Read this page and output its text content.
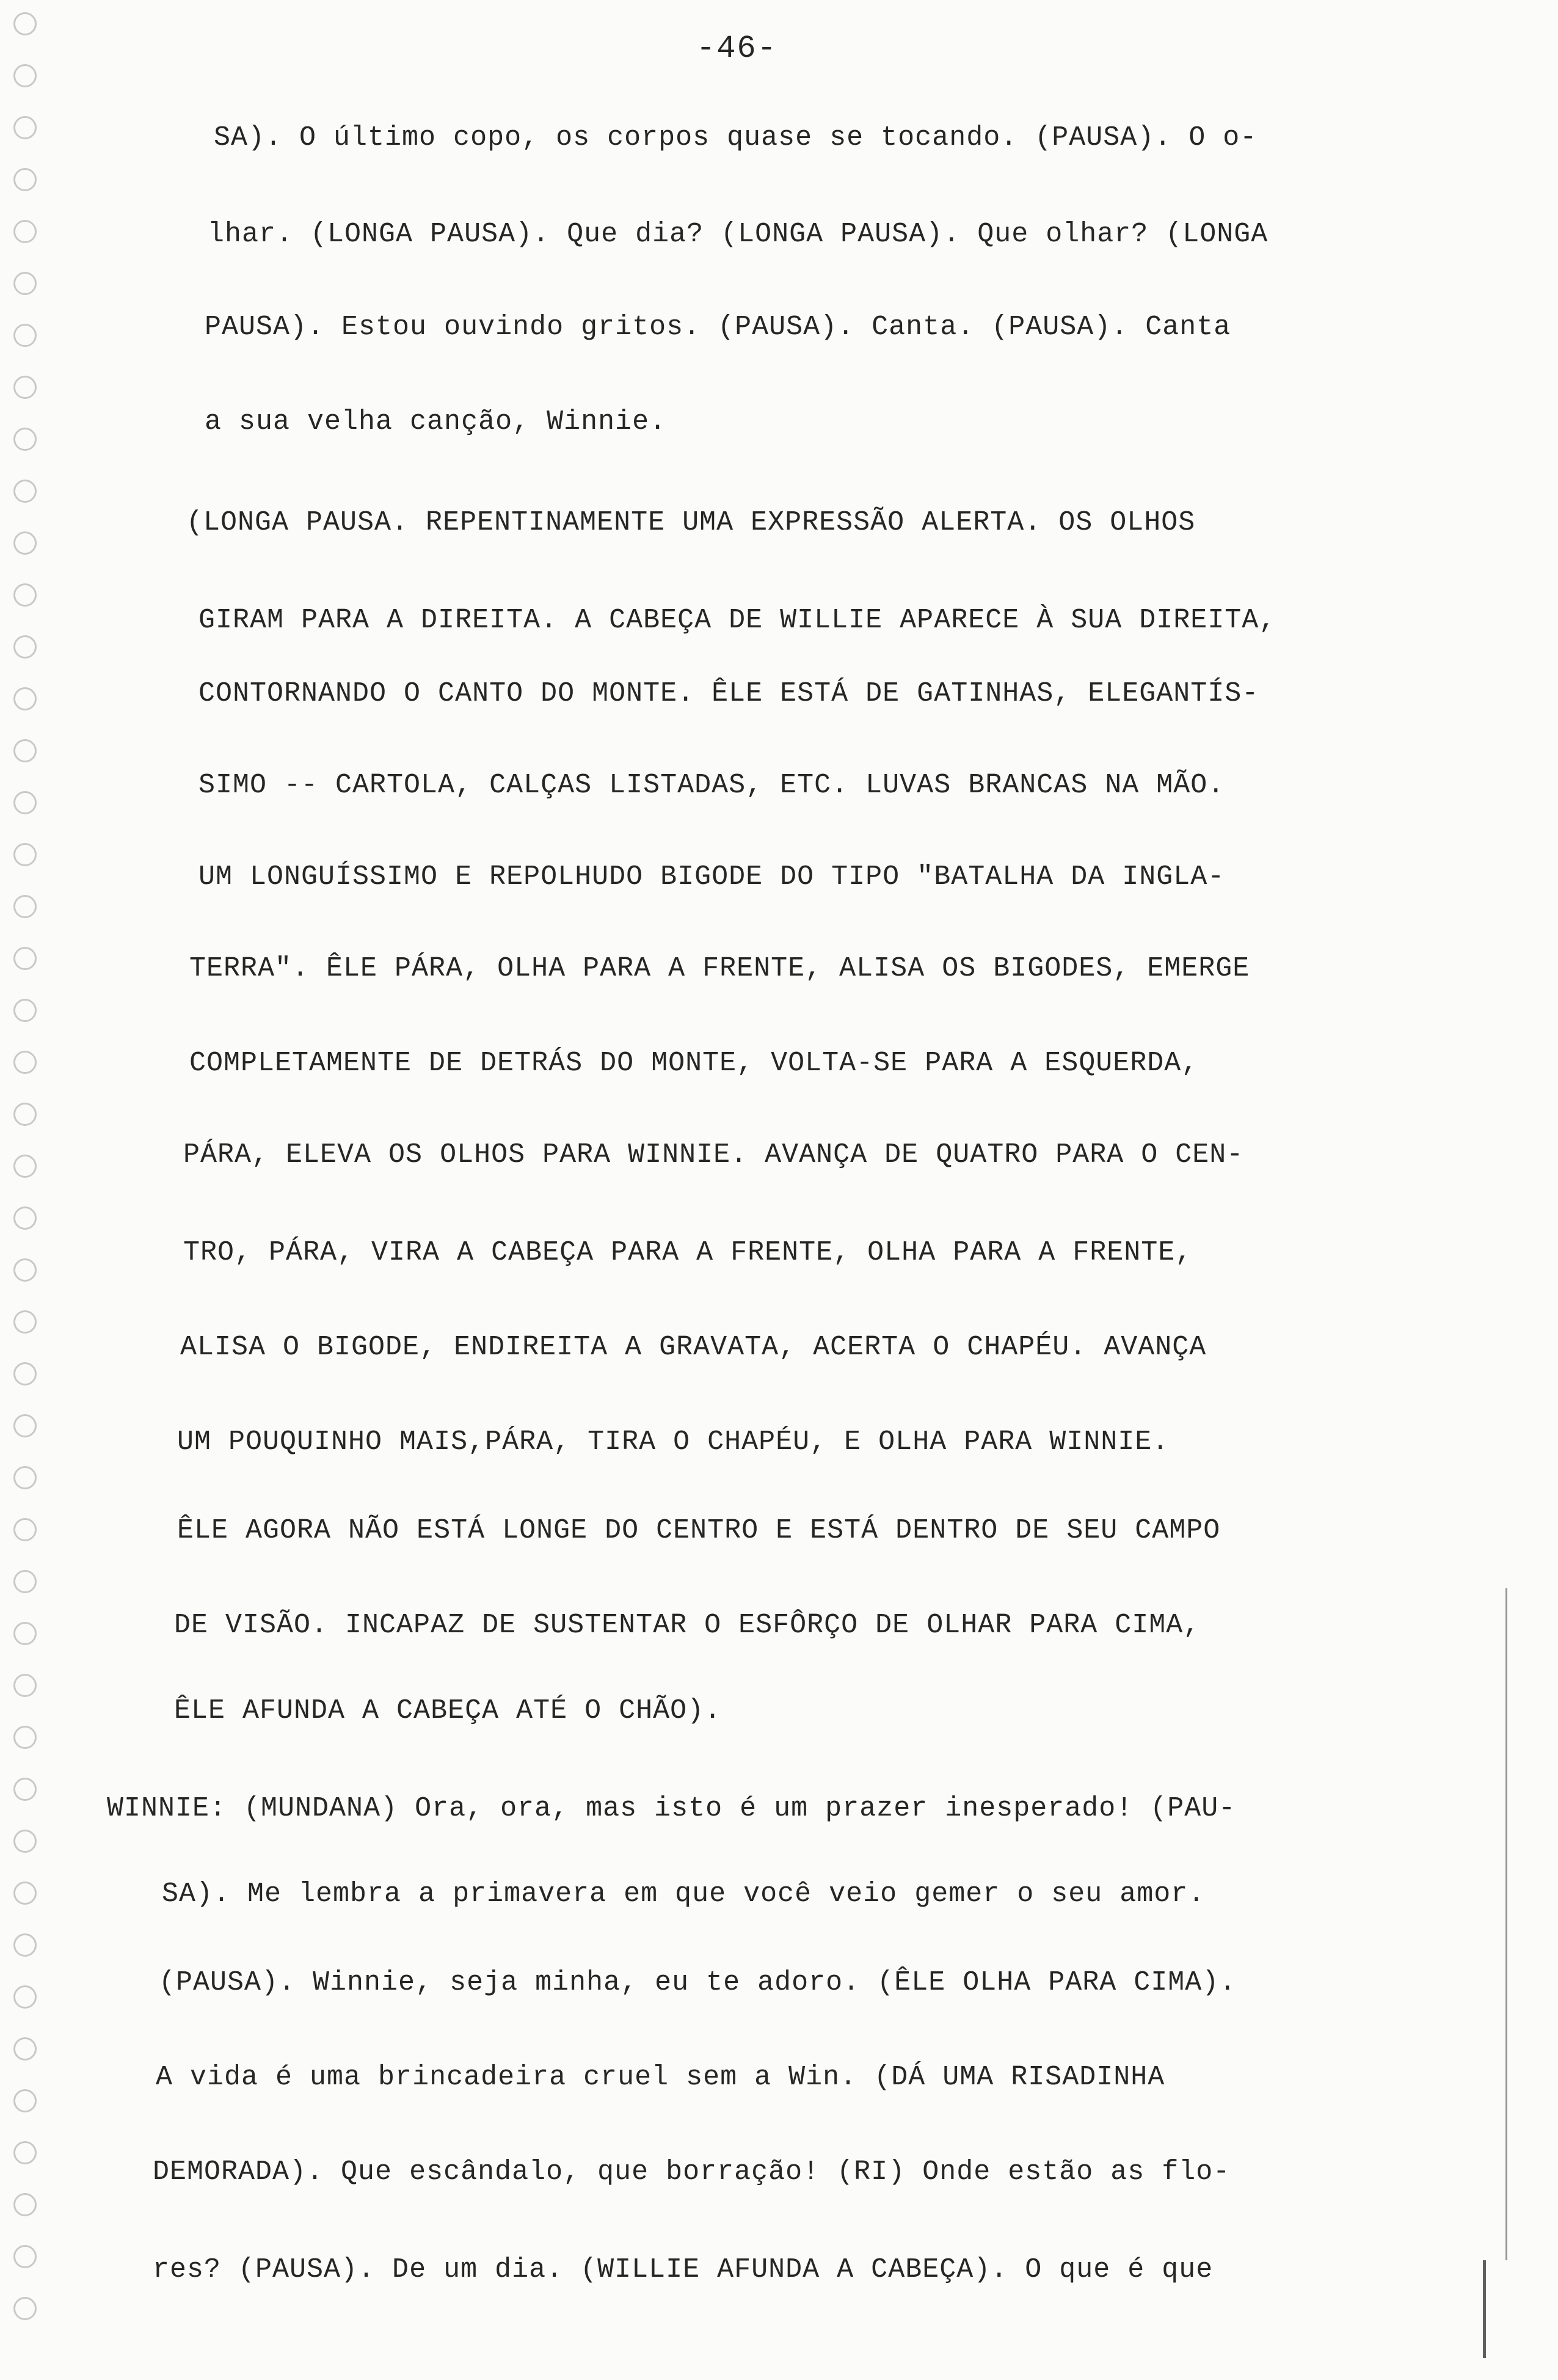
-46-
SA). O último copo, os corpos quase se tocando. (PAUSA). O o-
lhar. (LONGA PAUSA). Que dia? (LONGA PAUSA). Que olhar? (LONGA
PAUSA). Estou ouvindo gritos. (PAUSA). Canta. (PAUSA). Canta
a sua velha canção, Winnie.
(LONGA PAUSA. REPENTINAMENTE UMA EXPRESSÃO ALERTA. OS OLHOS
GIRAM PARA A DIREITA. A CABEÇA DE WILLIE APARECE À SUA DIREITA,
CONTORNANDO O CANTO DO MONTE. ÊLE ESTÁ DE GATINHAS, ELEGANTÍS-
SIMO -- CARTOLA, CALÇAS LISTADAS, ETC. LUVAS BRANCAS NA MÃO.
UM LONGUÍSSIMO E REPOLHUDO BIGODE DO TIPO "BATALHA DA INGLA-
TERRA". ÊLE PÁRA, OLHA PARA A FRENTE, ALISA OS BIGODES, EMERGE
COMPLETAMENTE DE DETRÁS DO MONTE, VOLTA-SE PARA A ESQUERDA,
PÁRA, ELEVA OS OLHOS PARA WINNIE. AVANÇA DE QUATRO PARA O CEN-
TRO, PÁRA, VIRA A CABEÇA PARA A FRENTE, OLHA PARA A FRENTE,
ALISA O BIGODE, ENDIREITA A GRAVATA, ACERTA O CHAPÉU. AVANÇA
UM POUQUINHO MAIS,PÁRA, TIRA O CHAPÉU, E OLHA PARA WINNIE.
ÊLE AGORA NÃO ESTÁ LONGE DO CENTRO E ESTÁ DENTRO DE SEU CAMPO
DE VISÃO. INCAPAZ DE SUSTENTAR O ESFÔRÇO DE OLHAR PARA CIMA,
ÊLE AFUNDA A CABEÇA ATÉ O CHÃO).
WINNIE: (MUNDANA) Ora, ora, mas isto é um prazer inesperado! (PAU-
SA). Me lembra a primavera em que você veio gemer o seu amor.
(PAUSA). Winnie, seja minha, eu te adoro. (ÊLE OLHA PARA CIMA).
A vida é uma brincadeira cruel sem a Win. (DÁ UMA RISADINHA
DEMORADA). Que escândalo, que borração! (RI) Onde estão as flo-
res? (PAUSA). De um dia. (WILLIE AFUNDA A CABEÇA). O que é que
